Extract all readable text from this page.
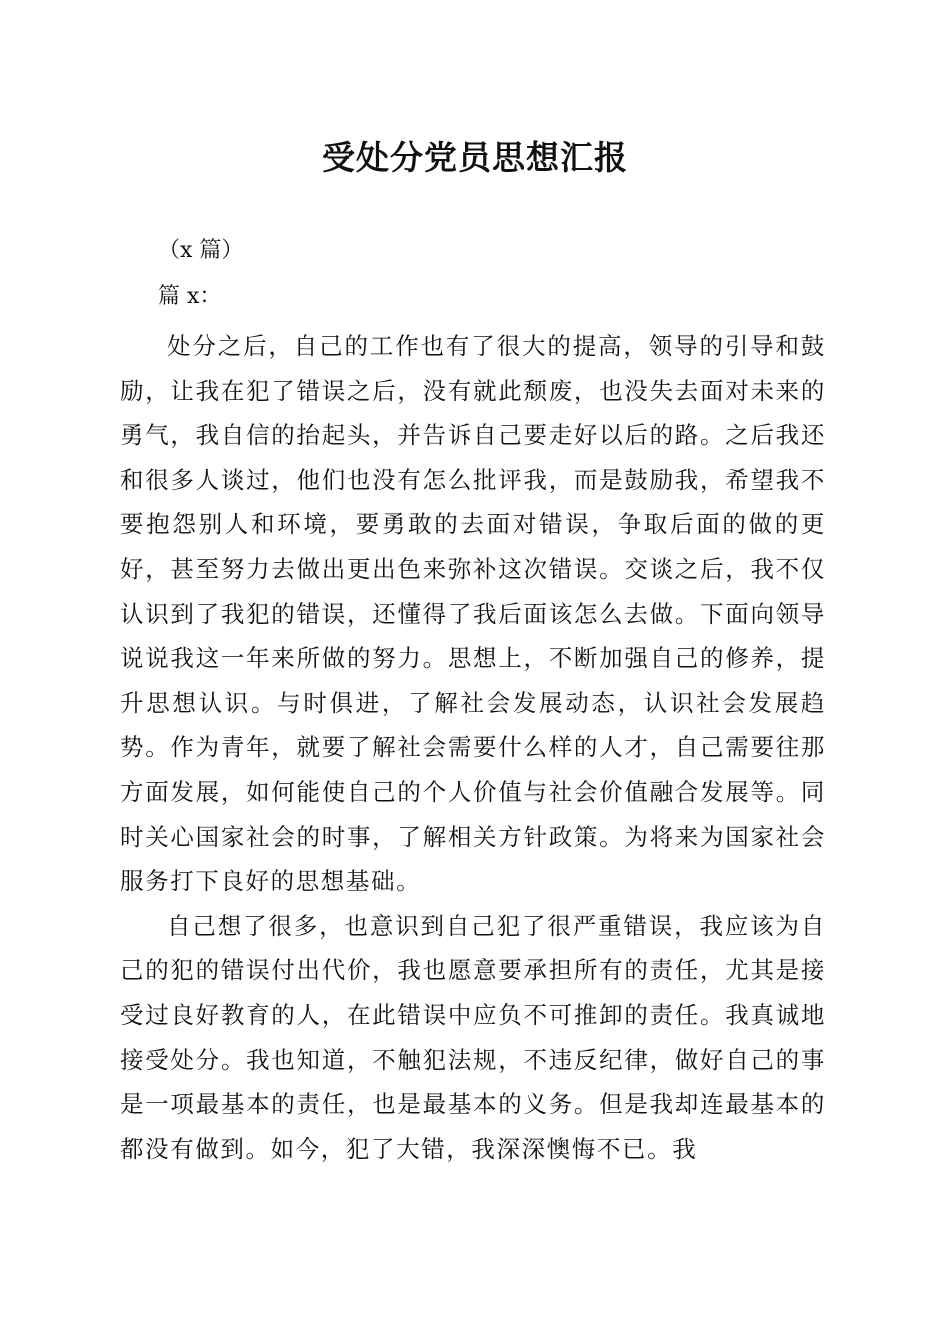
受处分党员思想汇报
（x 篇）
篇 x：

处分之后，自己的工作也有了很大的提高，领导的引导和鼓励，让我在犯了错误之后，没有就此颓废，也没失去面对未来的勇气，我自信的抬起头，并告诉自己要走好以后的路。之后我还和很多人谈过，他们也没有怎么批评我，而是鼓励我，希望我不要抱怨别人和环境，要勇敢的去面对错误，争取后面的做的更好，甚至努力去做出更出色来弥补这次错误。交谈之后，我不仅认识到了我犯的错误，还懂得了我后面该怎么去做。下面向领导说说我这一年来所做的努力。思想上，不断加强自己的修养，提升思想认识。与时俱进，了解社会发展动态，认识社会发展趋势。作为青年，就要了解社会需要什么样的人才，自己需要往那方面发展，如何能使自己的个人价值与社会价值融合发展等。同时关心国家社会的时事，了解相关方针政策。为将来为国家社会服务打下良好的思想基础。

自己想了很多，也意识到自己犯了很严重错误，我应该为自己的犯的错误付出代价，我也愿意要承担所有的责任，尤其是接受过良好教育的人，在此错误中应负不可推卸的责任。我真诚地接受处分。我也知道，不触犯法规，不违反纪律，做好自己的事是一项最基本的责任，也是最基本的义务。但是我却连最基本的都没有做到。如今，犯了大错，我深深懊悔不已。我
